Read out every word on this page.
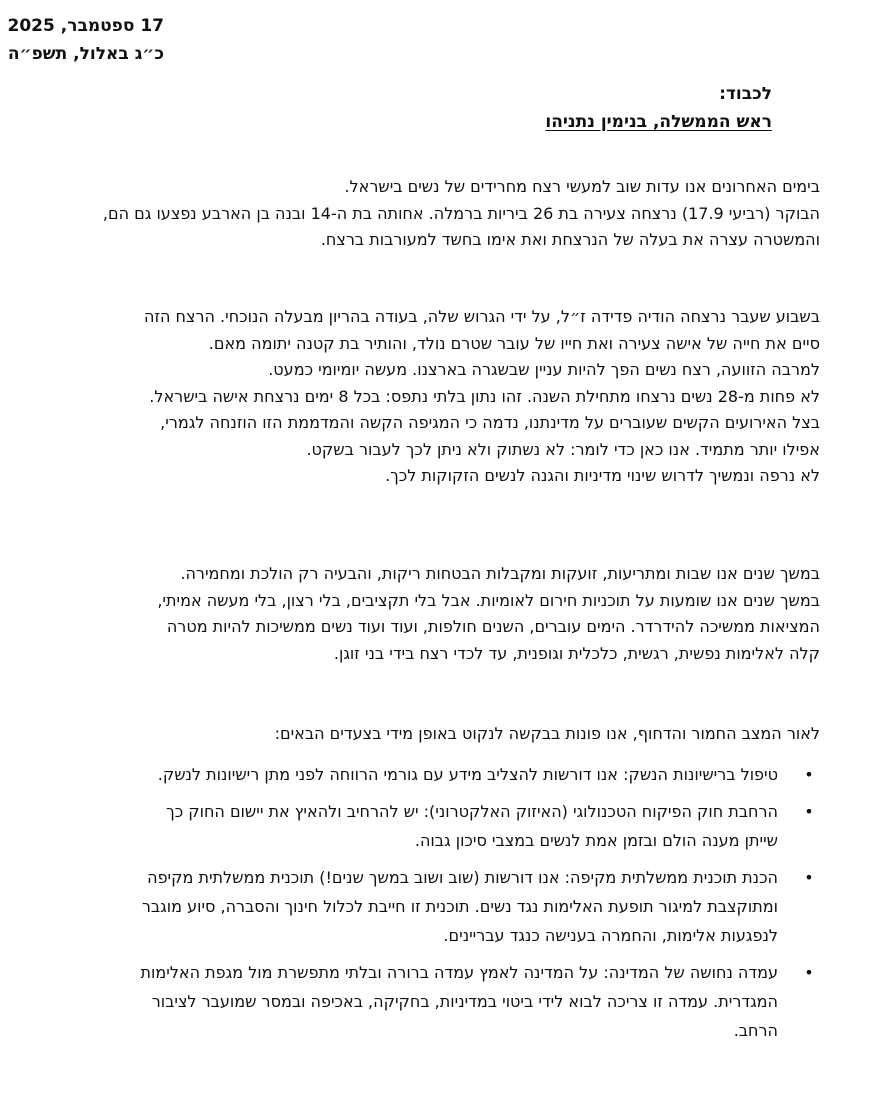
17 ספטמבר, 2025
כ״ג באלול, תשפ״ה
לכבוד:
ראש הממשלה, בנימין נתניהו

בימים האחרונים אנו עדות שוב למעשי רצח מחרידים של נשים בישראל.

הבוקר (רביעי 17.9) נרצחה צעירה בת 26 ביריות ברמלה. אחותה בת ה-14 ובנה בן הארבע נפצעו גם הם,

והמשטרה עצרה את בעלה של הנרצחת ואת אימו בחשד למעורבות ברצח.

בשבוע שעבר נרצחה הודיה פדידה ז״ל, על ידי הגרוש שלה, בעודה בהריון מבעלה הנוכחי. הרצח הזה

סיים את חייה של אישה צעירה ואת חייו של עובר שטרם נולד, והותיר בת קטנה יתומה מאם.

למרבה הזוועה, רצח נשים הפך להיות עניין שבשגרה בארצנו. מעשה יומיומי כמעט.

לא פחות מ-28 נשים נרצחו מתחילת השנה. זהו נתון בלתי נתפס: בכל 8 ימים נרצחת אישה בישראל.

בצל האירועים הקשים שעוברים על מדינתנו, נדמה כי המגיפה הקשה והמדממת הזו הוזנחה לגמרי,

אפילו יותר מתמיד. אנו כאן כדי לומר: לא נשתוק ולא ניתן לכך לעבור בשקט.

לא נרפה ונמשיך לדרוש שינוי מדיניות והגנה לנשים הזקוקות לכך.

במשך שנים אנו שבות ומתריעות, זועקות ומקבלות הבטחות ריקות, והבעיה רק הולכת ומחמירה.

במשך שנים אנו שומעות על תוכניות חירום לאומיות. אבל בלי תקציבים, בלי רצון, בלי מעשה אמיתי,

המציאות ממשיכה להידרדר. הימים עוברים, השנים חולפות, ועוד ועוד נשים ממשיכות להיות מטרה

קלה לאלימות נפשית, רגשית, כלכלית וגופנית, עד לכדי רצח בידי בני זוגן.

לאור המצב החמור והדחוף, אנו פונות בבקשה לנקוט באופן מידי בצעדים הבאים:

•
טיפול ברישיונות הנשק: אנו דורשות להצליב מידע עם גורמי הרווחה לפני מתן רישיונות לנשק.
•
הרחבת חוק הפיקוח הטכנולוגי (האיזוק האלקטרוני): יש להרחיב ולהאיץ את יישום החוק כך
שייתן מענה הולם ובזמן אמת לנשים במצבי סיכון גבוה.
•
הכנת תוכנית ממשלתית מקיפה: אנו דורשות (שוב ושוב במשך שנים!) תוכנית ממשלתית מקיפה
ומתוקצבת למיגור תופעת האלימות נגד נשים. תוכנית זו חייבת לכלול חינוך והסברה, סיוע מוגבר
לנפגעות אלימות, והחמרה בענישה כנגד עבריינים.
•
עמדה נחושה של המדינה: על המדינה לאמץ עמדה ברורה ובלתי מתפשרת מול מגפת האלימות
המגדרית. עמדה זו צריכה לבוא לידי ביטוי במדיניות, בחקיקה, באכיפה ובמסר שמועבר לציבור
הרחב.
